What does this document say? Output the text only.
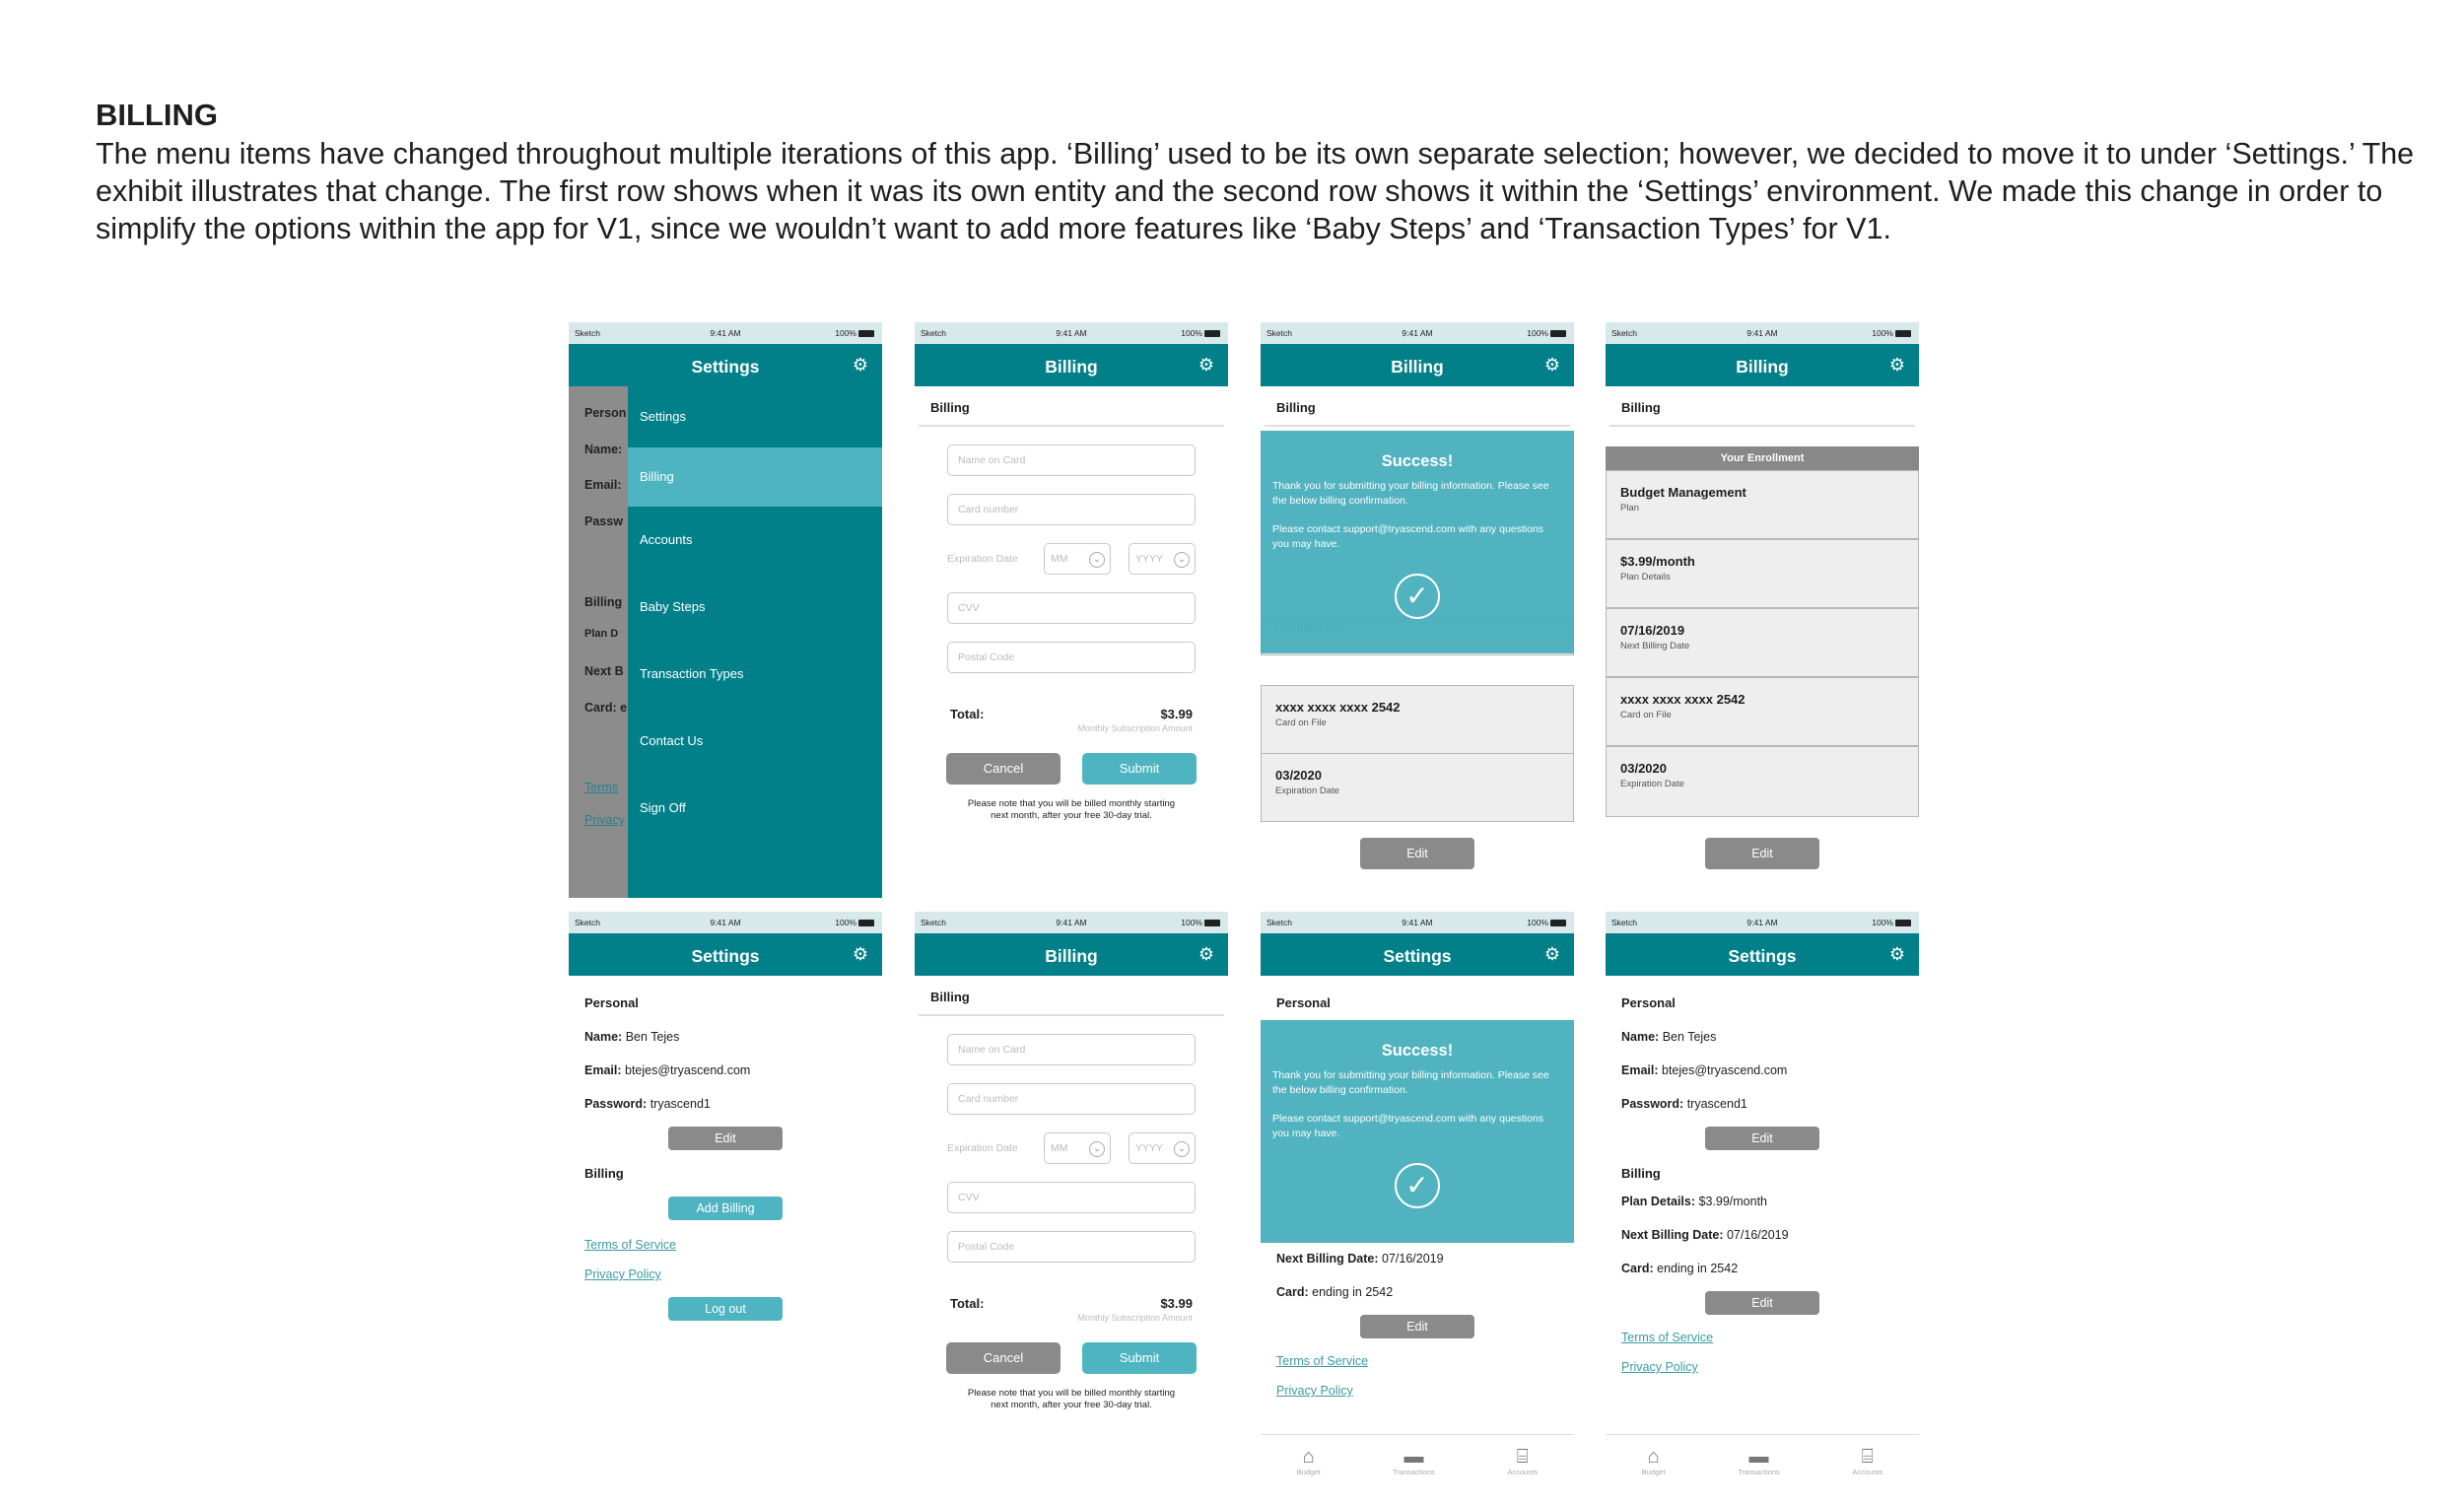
BILLING

The menu items have changed throughout multiple iterations of this app. ‘Billing’ used to be its own separate selection; however, we decided to move it to under ‘Settings.’ The exhibit illustrates that change. The first row shows when it was its own entity and the second row shows it within the ‘Settings’ environment. We made this change in order to simplify the options within the app for V1, since we wouldn’t want to add more features like ‘Baby Steps’ and ‘Transaction Types’ for V1.

Sketch	9:41 AM	100%
Settings	⚙
Person
Name:
Email:
Passw
Billing
Plan D
Next B
Card: e
Terms
Privacy
Settings
Billing
Accounts
Baby Steps
Transaction Types
Contact Us
Sign Off
Sketch	9:41 AM	100%
Billing	⚙
Billing
Name on Card
Card number
Expiration Date	MM	⌄	YYYY	⌄
CVV
Postal Code
Total:	$3.99
Monthly Subscription Amount
Cancel	Submit
Please note that you will be billed monthly starting next month, after your free 30-day trial.
Sketch	9:41 AM	100%
Billing	⚙
Billing
xxxx xxxx xxxx 2542
Card on File
03/2020
Expiration Date
Success!
Thank you for submitting your billing information. Please see the below billing confirmation.
Please contact support@tryascend.com with any questions you may have.
✓
Edit
Sketch	9:41 AM	100%
Billing	⚙
Billing
Your Enrollment
Budget Management
Plan
$3.99/month
Plan Details
07/16/2019
Next Billing Date
xxxx xxxx xxxx 2542
Card on File
03/2020
Expiration Date
Edit
Sketch	9:41 AM	100%
Settings	⚙
Personal
Name: Ben Tejes
Email: btejes@tryascend.com
Password: tryascend1
Edit
Billing
Add Billing
Terms of Service
Privacy Policy
Log out
Sketch	9:41 AM	100%
Billing	⚙
Billing
Name on Card
Card number
Expiration Date	MM	⌄	YYYY	⌄
CVV
Postal Code
Total:	$3.99
Monthly Subscription Amount
Cancel	Submit
Please note that you will be billed monthly starting next month, after your free 30-day trial.
Sketch	9:41 AM	100%
Settings	⚙
Personal
Success!
Thank you for submitting your billing information. Please see the below billing confirmation.
Please contact support@tryascend.com with any questions you may have.
✓
Next Billing Date: 07/16/2019
Card: ending in 2542
Edit
Terms of Service
Privacy Policy
⌂
Budget
▬
Transactions
⌸
Accounts
Sketch	9:41 AM	100%
Settings	⚙
Personal
Name: Ben Tejes
Email: btejes@tryascend.com
Password: tryascend1
Edit
Billing
Plan Details: $3.99/month
Next Billing Date: 07/16/2019
Card: ending in 2542
Edit
Terms of Service
Privacy Policy
⌂
Budget
▬
Transactions
⌸
Accounts
